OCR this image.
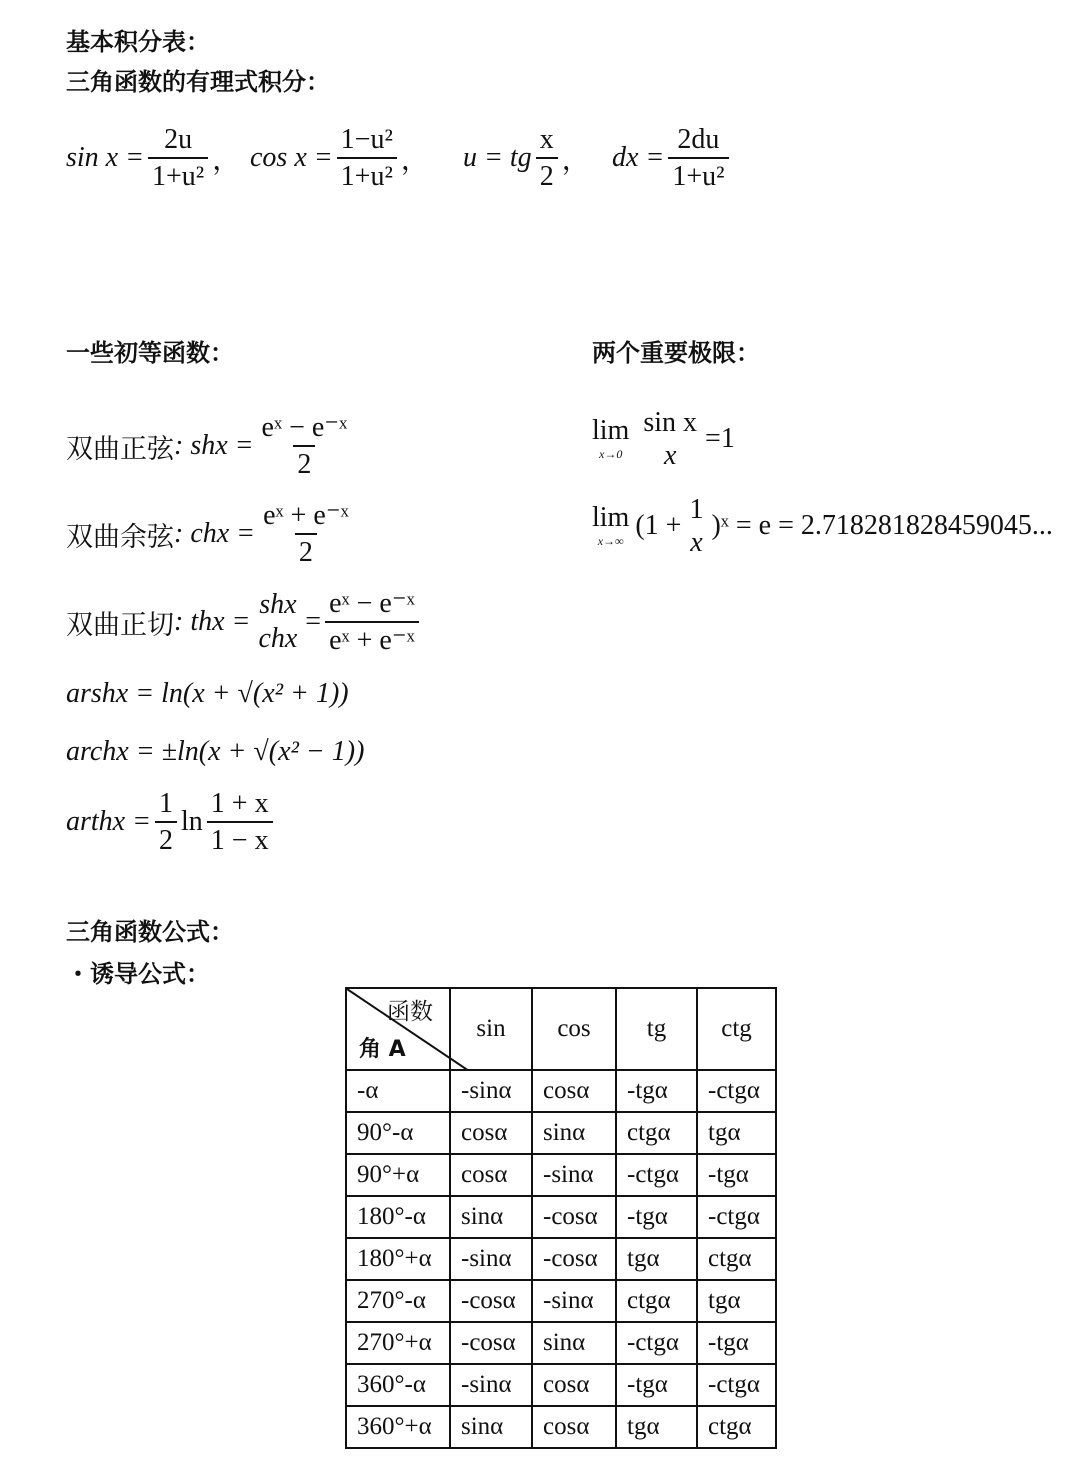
基本积分表：
三角函数的有理式积分：
$\sin x = \frac{2u}{\text{1+u²}}$ ， $\cos x = \frac{\text{1−u²}}{\text{1+u²}}$ ， u = tg $\frac{x}{2}$ ， dx = $\frac{2du}{\text{1+u²}}$
一些初等函数：	两个重要极限：
双曲正弦 : shx = $\frac{\text{eˣ − e⁻ˣ}}{2}$
双曲余弦 : chx = $\frac{\text{eˣ + e⁻ˣ}}{2}$
双曲正切 : thx =
shx
chx
= $\frac{\text{eˣ − e⁻ˣ}}{\text{eˣ + e⁻ˣ}}$
arshx = ln(x + √(x² + 1))
archx = ±ln(x + √(x² − 1))
arthx = $\frac{1}{2}$ $\ln \frac{1 + x}{1 - x}$
lim
x→0
sin x
x
=1
lim
x→∞
(1 + 1
x
)ˣ = e = 2.718281828459045...
三角函数公式：
・诱导公式：
函数
角 A	sin	cos	tg	ctg
-α	-sinα	cosα	-tgα	-ctgα
90°-α	cosα	sinα	ctgα	tgα
90°+α	cosα	-sinα	-ctgα	-tgα
180°-α	sinα	-cosα	-tgα	-ctgα
180°+α	-sinα	-cosα	tgα	ctgα
270°-α	-cosα	-sinα	ctgα	tgα
270°+α	-cosα	sinα	-ctgα	-tgα
360°-α	-sinα	cosα	-tgα	-ctgα
360°+α	sinα	cosα	tgα	ctgα
